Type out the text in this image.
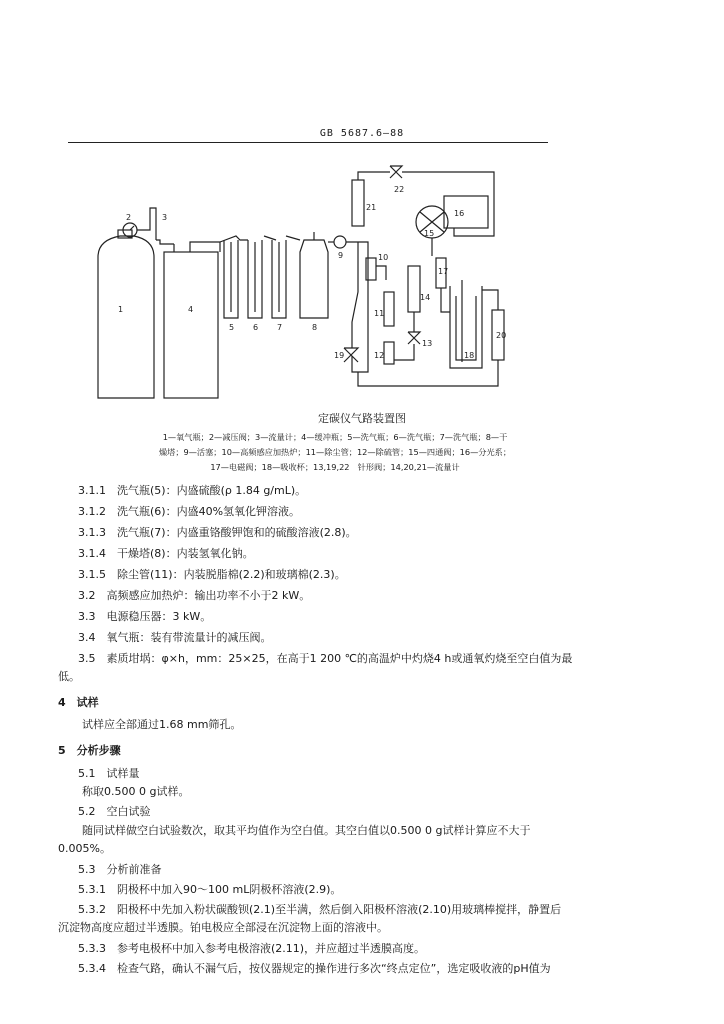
GB 5687.6—88
1
2	3
4
5 6 7	8
9	10
11
12
13
14
15
16
17
18
19
20
21
22
定碳仪气路装置图
1—氧气瓶；2—减压阀；3—流量计；4—缓冲瓶；5—洗气瓶；6—洗气瓶；7—洗气瓶；8—干
燥塔；9—活塞；10—高频感应加热炉；11—除尘管；12—除硫管；15—四通阀；16—分光系；
17—电磁阀；18—吸收杯；13,19,22　针形阀；14,20,21—流量计
3.1.1　洗气瓶(5)：内盛硫酸(ρ 1.84 g/mL)。
3.1.2　洗气瓶(6)：内盛40%氢氧化钾溶液。
3.1.3　洗气瓶(7)：内盛重铬酸钾饱和的硫酸溶液(2.8)。
3.1.4　干燥塔(8)：内装氢氧化钠。
3.1.5　除尘管(11)：内装脱脂棉(2.2)和玻璃棉(2.3)。
3.2　高频感应加热炉：输出功率不小于2 kW。
3.3　电源稳压器：3 kW。
3.4　氧气瓶：装有带流量计的减压阀。
3.5　素质坩埚：φ×h，mm：25×25，在高于1 200 ℃的高温炉中灼烧4 h或通氧灼烧至空白值为最
低。
4　试样
试样应全部通过1.68 mm筛孔。
5　分析步骤
5.1　试样量
称取0.500 0 g试样。
5.2　空白试验
随同试样做空白试验数次，取其平均值作为空白值。其空白值以0.500 0 g试样计算应不大于
0.005%。
5.3　分析前准备
5.3.1　阴极杯中加入90～100 mL阴极杯溶液(2.9)。
5.3.2　阳极杯中先加入粉状碳酸钡(2.1)至半满，然后倒入阳极杯溶液(2.10)用玻璃棒搅拌，静置后
沉淀物高度应超过半透膜。铂电极应全部浸在沉淀物上面的溶液中。
5.3.3　参考电极杯中加入参考电极溶液(2.11)，并应超过半透膜高度。
5.3.4　检查气路，确认不漏气后，按仪器规定的操作进行多次“终点定位”，选定吸收液的pH值为
